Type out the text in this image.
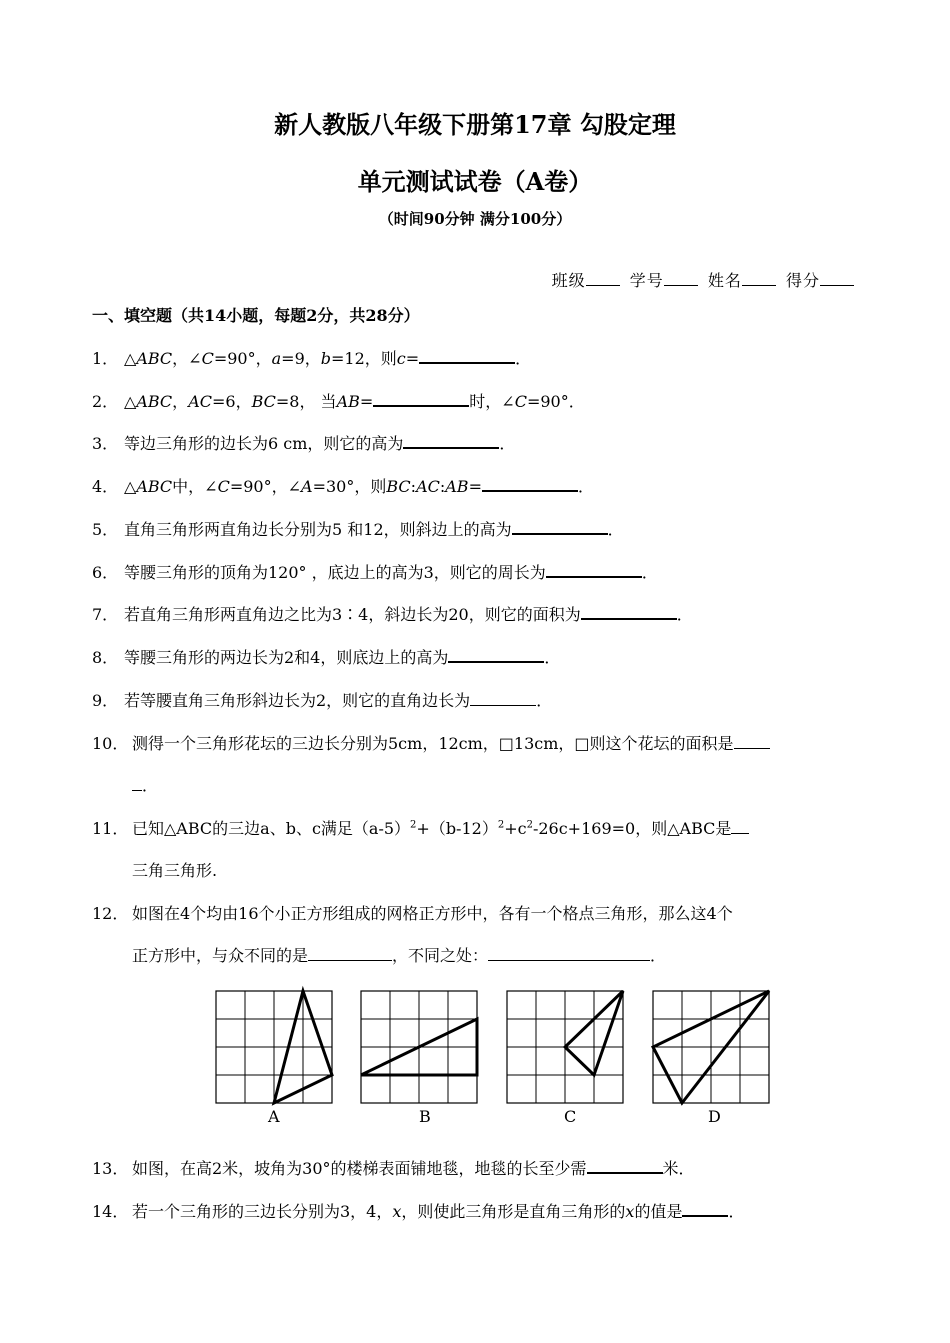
新人教版八年级下册第17章 勾股定理
单元测试试卷（A卷）
（时间90分钟 满分100分）
班级	学号	姓名	得分
一、填空题（共14小题，每题2分，共28分）
1． △ABC，∠C=90°，a=9，b=12，则c=	．
2． △ABC，AC=6，BC=8， 当AB=	时，∠C=90°．
3． 等边三角形的边长为6 cm，则它的高为	．
4． △ABC中，∠C=90°，∠A=30°，则BC:AC:AB=	．
5． 直角三角形两直角边长分别为5 和12，则斜边上的高为	．
6． 等腰三角形的顶角为120° ，底边上的高为3，则它的周长为	．
7． 若直角三角形两直角边之比为3∶4，斜边长为20，则它的面积为	．
8． 等腰三角形的两边长为2和4，则底边上的高为	．
9． 若等腰直角三角形斜边长为2，则它的直角边长为	．
10． 测得一个三角形花坛的三边长分别为5cm，12cm，□13cm，□则这个花坛的面积是
．
11． 已知△ABC的三边a、b、c满足$(a-5)^2+(b-12)^2+c^2-26c+169=0$，则△ABC是
三角三角形.
12． 如图在4个均由16个小正方形组成的网格正方形中，各有一个格点三角形，那么这4个
正方形中，与众不同的是	，不同之处：	．
A	B	C	D
13． 如图，在高2米，坡角为30°的楼梯表面铺地毯，地毯的长至少需	米．
14． 若一个三角形的三边长分别为3，4，x，则使此三角形是直角三角形的x的值是	．
